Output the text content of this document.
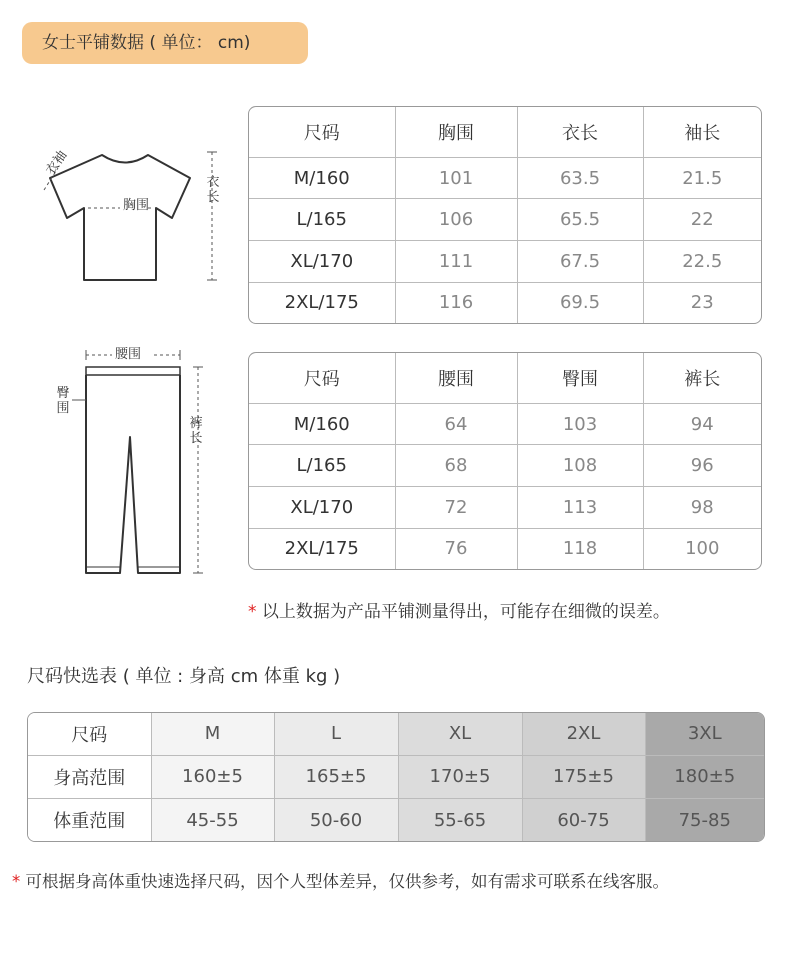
女士平铺数据 ( 单位： cm)
胸围
衣长
衣袖
腰围
臀围
裤长
尺码	胸围	衣长	袖长
M/160	101	63.5	21.5
L/165	106	65.5	22
XL/170	111	67.5	22.5
2XL/175	116	69.5	23
尺码	腰围	臀围	裤长
M/160	64	103	94
L/165	68	108	96
XL/170	72	113	98
2XL/175	76	118	100
* 以上数据为产品平铺测量得出，可能存在细微的误差。
尺码快选表 ( 单位 : 身高 cm 体重 kg )
尺码	M	L	XL	2XL	3XL
身高范围	160±5	165±5	170±5	175±5	180±5
体重范围	45-55	50-60	55-65	60-75	75-85
* 可根据身高体重快速选择尺码，因个人型体差异，仅供参考，如有需求可联系在线客服。
